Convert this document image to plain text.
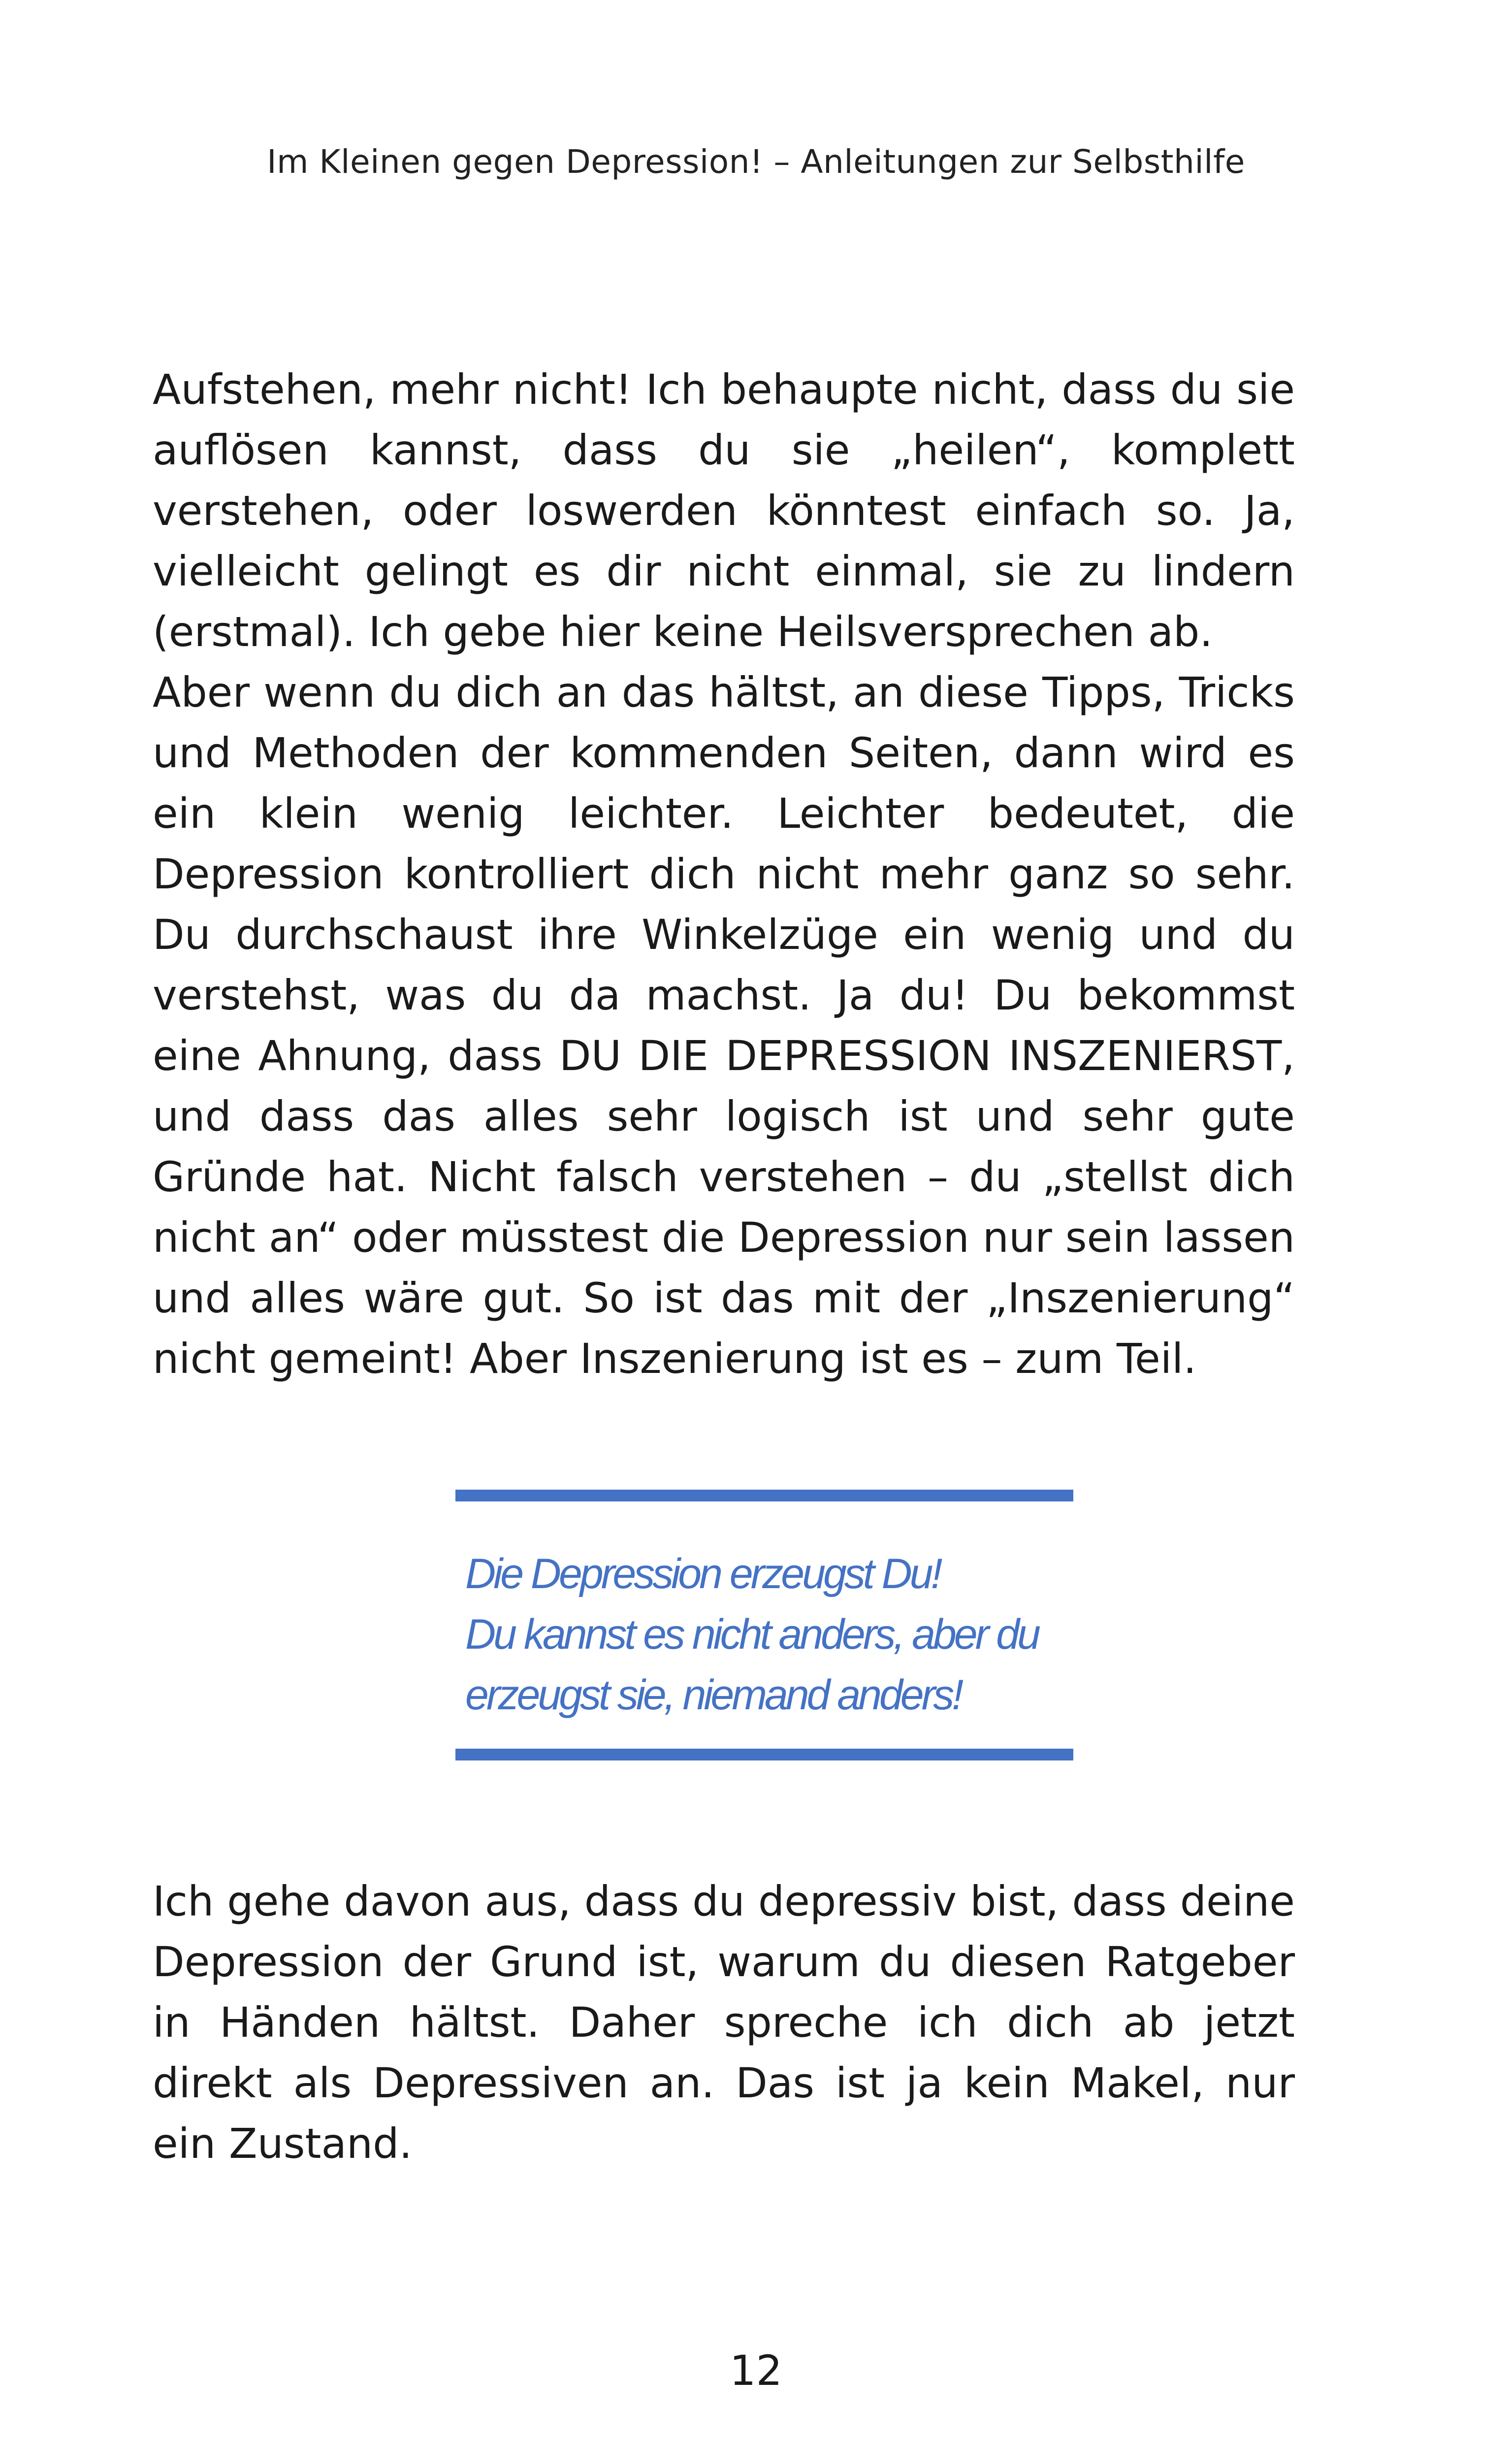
Im Kleinen gegen Depression! – Anleitungen zur Selbsthilfe

Aufstehen, mehr nicht! Ich behaupte nicht, dass du sie auflösen kannst, dass du sie „heilen“, komplett verstehen, oder loswerden könntest einfach so. Ja, vielleicht gelingt es dir nicht einmal, sie zu lindern (erstmal). Ich gebe hier keine Heilsversprechen ab.

Aber wenn du dich an das hältst, an diese Tipps, Tricks und Methoden der kommenden Seiten, dann wird es ein klein wenig leichter. Leichter bedeutet, die Depression kontrolliert dich nicht mehr ganz so sehr. Du durchschaust ihre Winkelzüge ein wenig und du verstehst, was du da machst. Ja du! Du bekommst eine Ahnung, dass DU DIE DEPRESSION INSZENIERST, und dass das alles sehr logisch ist und sehr gute Gründe hat. Nicht falsch verstehen – du „stellst dich nicht an“ oder müsstest die Depression nur sein lassen und alles wäre gut. So ist das mit der „Inszenierung“ nicht gemeint! Aber Inszenierung ist es – zum Teil.

Die Depression erzeugst Du!
Du kannst es nicht anders, aber du
erzeugst sie, niemand anders!

Ich gehe davon aus, dass du depressiv bist, dass deine Depression der Grund ist, warum du diesen Ratgeber in Händen hältst. Daher spreche ich dich ab jetzt direkt als Depressiven an. Das ist ja kein Makel, nur ein Zustand.

12
